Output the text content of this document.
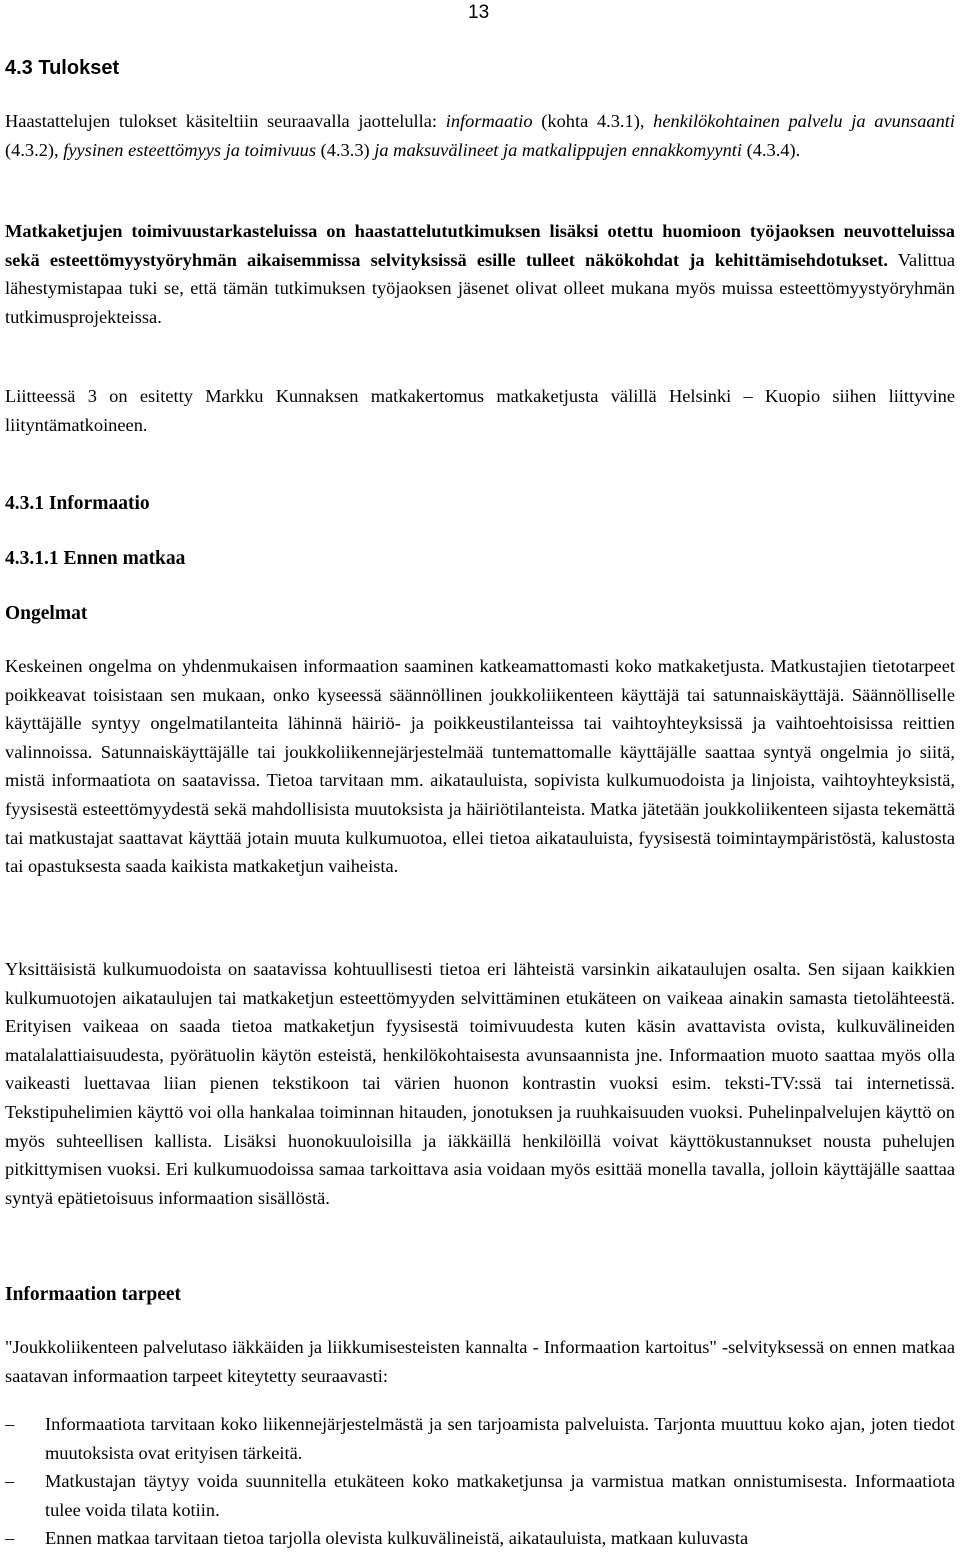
13
4.3 Tulokset

Haastattelujen tulokset käsiteltiin seuraavalla jaottelulla: informaatio (kohta 4.3.1), henkilökohtainen palvelu ja avunsaanti (4.3.2), fyysinen esteettömyys ja toimivuus (4.3.3) ja maksuvälineet ja matkalippujen ennakkomyynti (4.3.4).

Matkaketjujen toimivuustarkasteluissa on haastattelututkimuksen lisäksi otettu huomioon työjaoksen neuvotteluissa sekä esteettömyystyöryhmän aikaisemmissa selvityksissä esille tulleet näkökohdat ja kehittämisehdotukset. Valittua lähestymistapaa tuki se, että tämän tutkimuksen työjaoksen jäsenet olivat olleet mukana myös muissa esteettömyystyöryhmän tutkimusprojekteissa.

Liitteessä 3 on esitetty Markku Kunnaksen matkakertomus matkaketjusta välillä Helsinki – Kuopio siihen liittyvine liityntämatkoineen.

4.3.1 Informaatio
4.3.1.1 Ennen matkaa
Ongelmat

Keskeinen ongelma on yhdenmukaisen informaation saaminen katkeamattomasti koko matkaketjusta. Matkustajien tietotarpeet poikkeavat toisistaan sen mukaan, onko kyseessä säännöllinen joukkoliikenteen käyttäjä tai satunnaiskäyttäjä. Säännölliselle käyttäjälle syntyy ongelmatilanteita lähinnä häiriö- ja poikkeustilanteissa tai vaihtoyhteyksissä ja vaihtoehtoisissa reittien valinnoissa. Satunnaiskäyttäjälle tai joukkoliikennejärjestelmää tuntemattomalle käyttäjälle saattaa syntyä ongelmia jo siitä, mistä informaatiota on saatavissa. Tietoa tarvitaan mm. aikatauluista, sopivista kulkumuodoista ja linjoista, vaihtoyhteyksistä, fyysisestä esteettömyydestä sekä mahdollisista muutoksista ja häiriötilanteista. Matka jätetään joukkoliikenteen sijasta tekemättä tai matkustajat saattavat käyttää jotain muuta kulkumuotoa, ellei tietoa aikatauluista, fyysisestä toimintaympäristöstä, kalustosta tai opastuksesta saada kaikista matkaketjun vaiheista.

Yksittäisistä kulkumuodoista on saatavissa kohtuullisesti tietoa eri lähteistä varsinkin aikataulujen osalta. Sen sijaan kaikkien kulkumuotojen aikataulujen tai matkaketjun esteettömyyden selvittäminen etukäteen on vaikeaa ainakin samasta tietolähteestä. Erityisen vaikeaa on saada tietoa matkaketjun fyysisestä toimivuudesta kuten käsin avattavista ovista, kulkuvälineiden matalalattiaisuudesta, pyörätuolin käytön esteistä, henkilökohtaisesta avunsaannista jne. Informaation muoto saattaa myös olla vaikeasti luettavaa liian pienen tekstikoon tai värien huonon kontrastin vuoksi esim. teksti-TV:ssä tai internetissä. Tekstipuhelimien käyttö voi olla hankalaa toiminnan hitauden, jonotuksen ja ruuhkaisuuden vuoksi. Puhelinpalvelujen käyttö on myös suhteellisen kallista. Lisäksi huonokuuloisilla ja iäkkäillä henkilöillä voivat käyttökustannukset nousta puhelujen pitkittymisen vuoksi. Eri kulkumuodoissa samaa tarkoittava asia voidaan myös esittää monella tavalla, jolloin käyttäjälle saattaa syntyä epätietoisuus informaation sisällöstä.

Informaation tarpeet

"Joukkoliikenteen palvelutaso iäkkäiden ja liikkumisesteisten kannalta - Informaation kartoitus" -selvityksessä on ennen matkaa saatavan informaation tarpeet kiteytetty seuraavasti:

–	Informaatiota tarvitaan koko liikennejärjestelmästä ja sen tarjoamista palveluista. Tarjonta muuttuu koko ajan, joten tiedot muutoksista ovat erityisen tärkeitä.
–	Matkustajan täytyy voida suunnitella etukäteen koko matkaketjunsa ja varmistua matkan onnistumisesta. Informaatiota tulee voida tilata kotiin.
–	Ennen matkaa tarvitaan tietoa tarjolla olevista kulkuvälineistä, aikatauluista, matkaan kuluvasta
